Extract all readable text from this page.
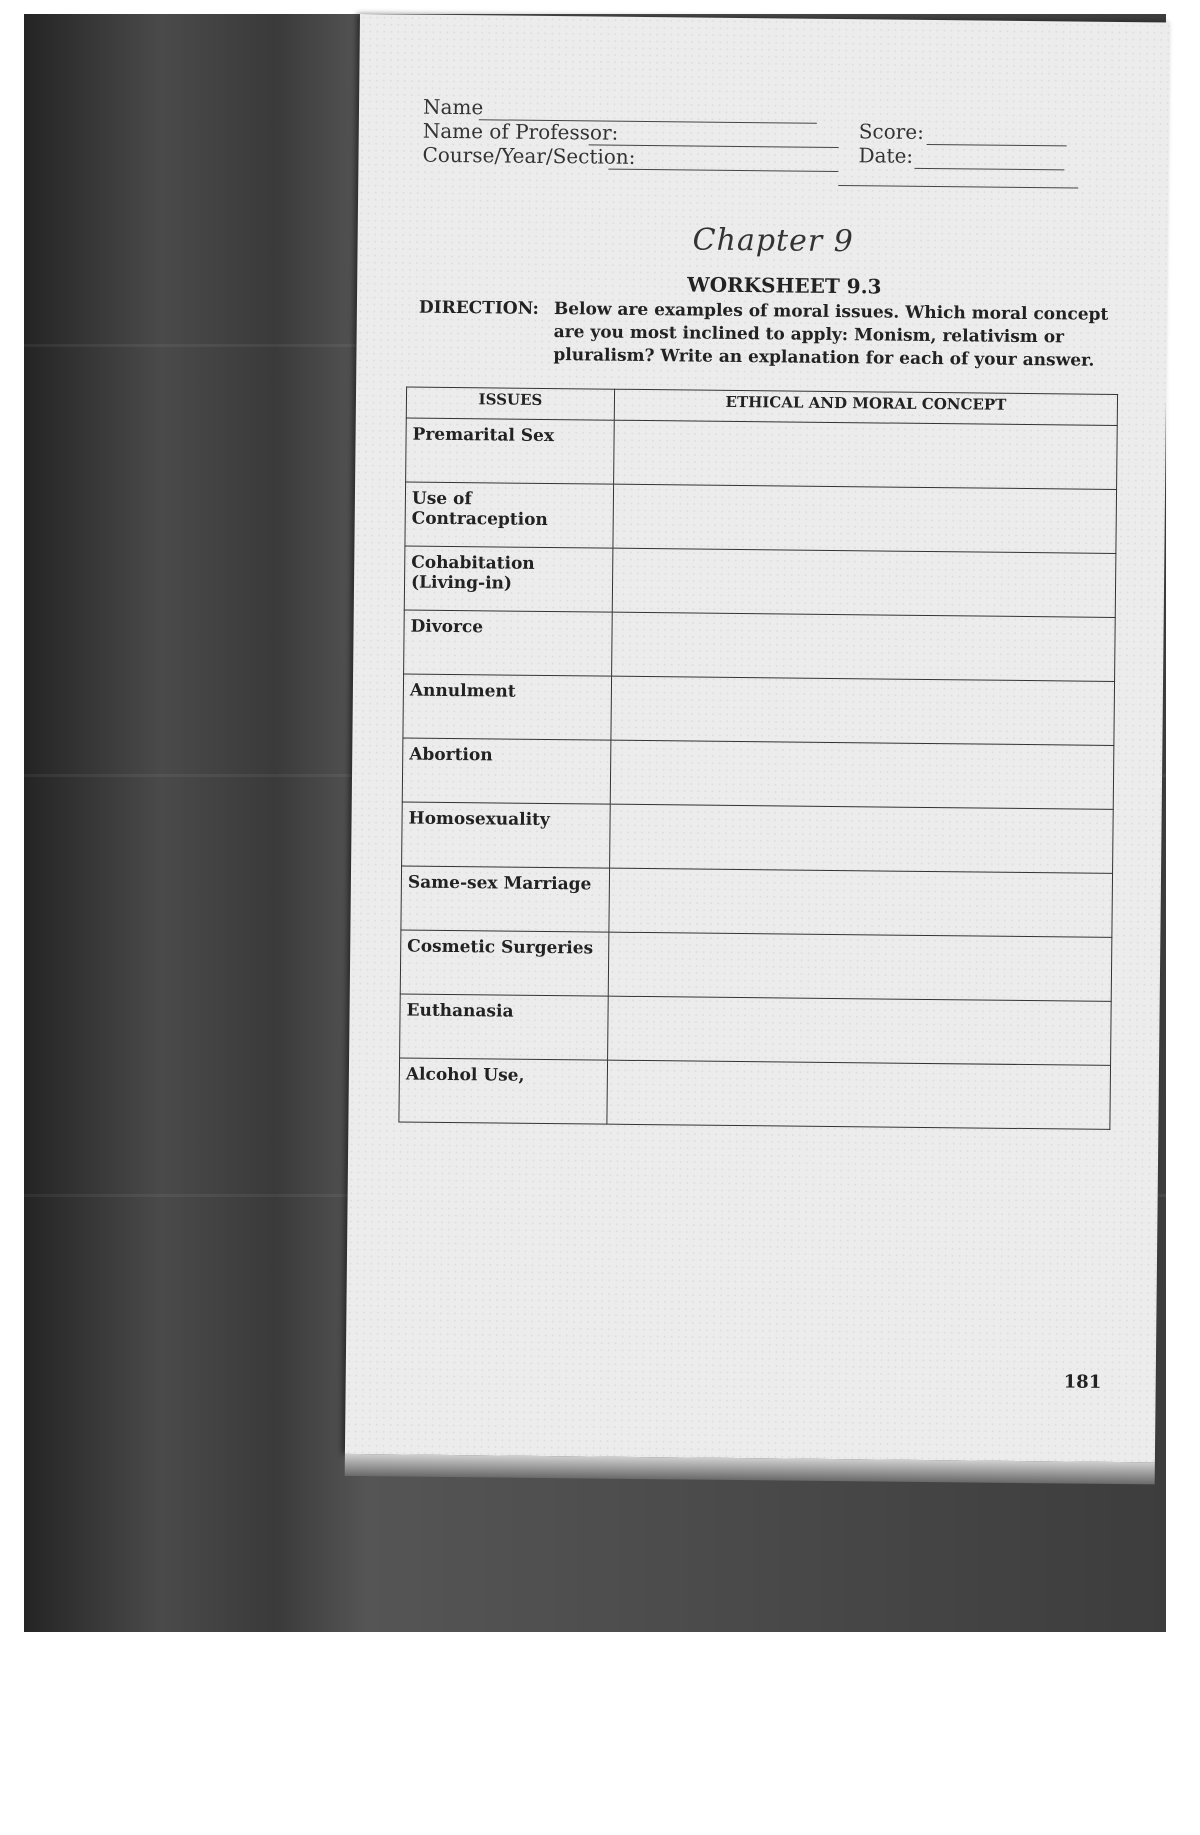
Name
Name of Professor:
Course/Year/Section:
Score:
Date:
Chapter 9
WORKSHEET 9.3
DIRECTION: Below are examples of moral issues. Which moral concept are you most inclined to apply: Monism, relativism or pluralism? Write an explanation for each of your answer.
ISSUES	ETHICAL AND MORAL CONCEPT
Premarital Sex	
Use of Contraception	
Cohabitation (Living-in)	
Divorce	
Annulment	
Abortion	
Homosexuality	
Same-sex Marriage	
Cosmetic Surgeries	
Euthanasia	
Alcohol Use,	
181
